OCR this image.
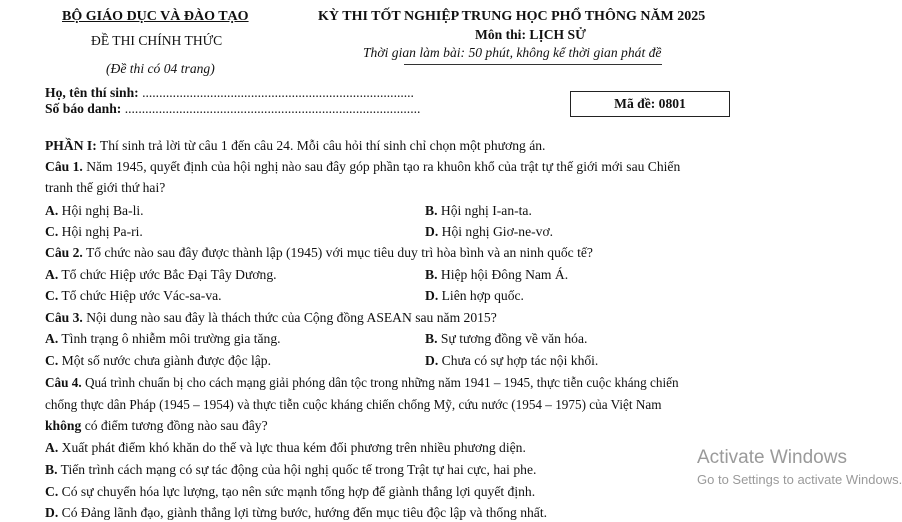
BỘ GIÁO DỤC VÀ ĐÀO TẠO
ĐỀ THI CHÍNH THỨC
(Đề thi có 04 trang)
KỲ THI TỐT NGHIỆP TRUNG HỌC PHỔ THÔNG NĂM 2025
Môn thi: LỊCH SỬ
Thời gian làm bài: 50 phút, không kể thời gian phát đề
Họ, tên thí sinh: ................................................................................
Số báo danh: .......................................................................................	Mã đề: 0801
PHẦN I: Thí sinh trả lời từ câu 1 đến câu 24. Mỗi câu hỏi thí sinh chỉ chọn một phương án.
Câu 1. Năm 1945, quyết định của hội nghị nào sau đây góp phần tạo ra khuôn khổ của trật tự thế giới mới sau Chiến
tranh thế giới thứ hai?
A. Hội nghị Ba-li.	B. Hội nghị I-an-ta.
C. Hội nghị Pa-ri.	D. Hội nghị Giơ-ne-vơ.
Câu 2. Tổ chức nào sau đây được thành lập (1945) với mục tiêu duy trì hòa bình và an ninh quốc tế?
A. Tổ chức Hiệp ước Bắc Đại Tây Dương.	B. Hiệp hội Đông Nam Á.
C. Tổ chức Hiệp ước Vác-sa-va.	D. Liên hợp quốc.
Câu 3. Nội dung nào sau đây là thách thức của Cộng đồng ASEAN sau năm 2015?
A. Tình trạng ô nhiễm môi trường gia tăng.	B. Sự tương đồng về văn hóa.
C. Một số nước chưa giành được độc lập.	D. Chưa có sự hợp tác nội khối.
Câu 4. Quá trình chuẩn bị cho cách mạng giải phóng dân tộc trong những năm 1941 – 1945, thực tiễn cuộc kháng chiến
chống thực dân Pháp (1945 – 1954) và thực tiễn cuộc kháng chiến chống Mỹ, cứu nước (1954 – 1975) của Việt Nam
không có điểm tương đồng nào sau đây?
A. Xuất phát điểm khó khăn do thế và lực thua kém đối phương trên nhiều phương diện.
B. Tiến trình cách mạng có sự tác động của hội nghị quốc tế trong Trật tự hai cực, hai phe.
C. Có sự chuyển hóa lực lượng, tạo nên sức mạnh tổng hợp để giành thắng lợi quyết định.
D. Có Đảng lãnh đạo, giành thắng lợi từng bước, hướng đến mục tiêu độc lập và thống nhất.
Activate Windows
Go to Settings to activate Windows.
